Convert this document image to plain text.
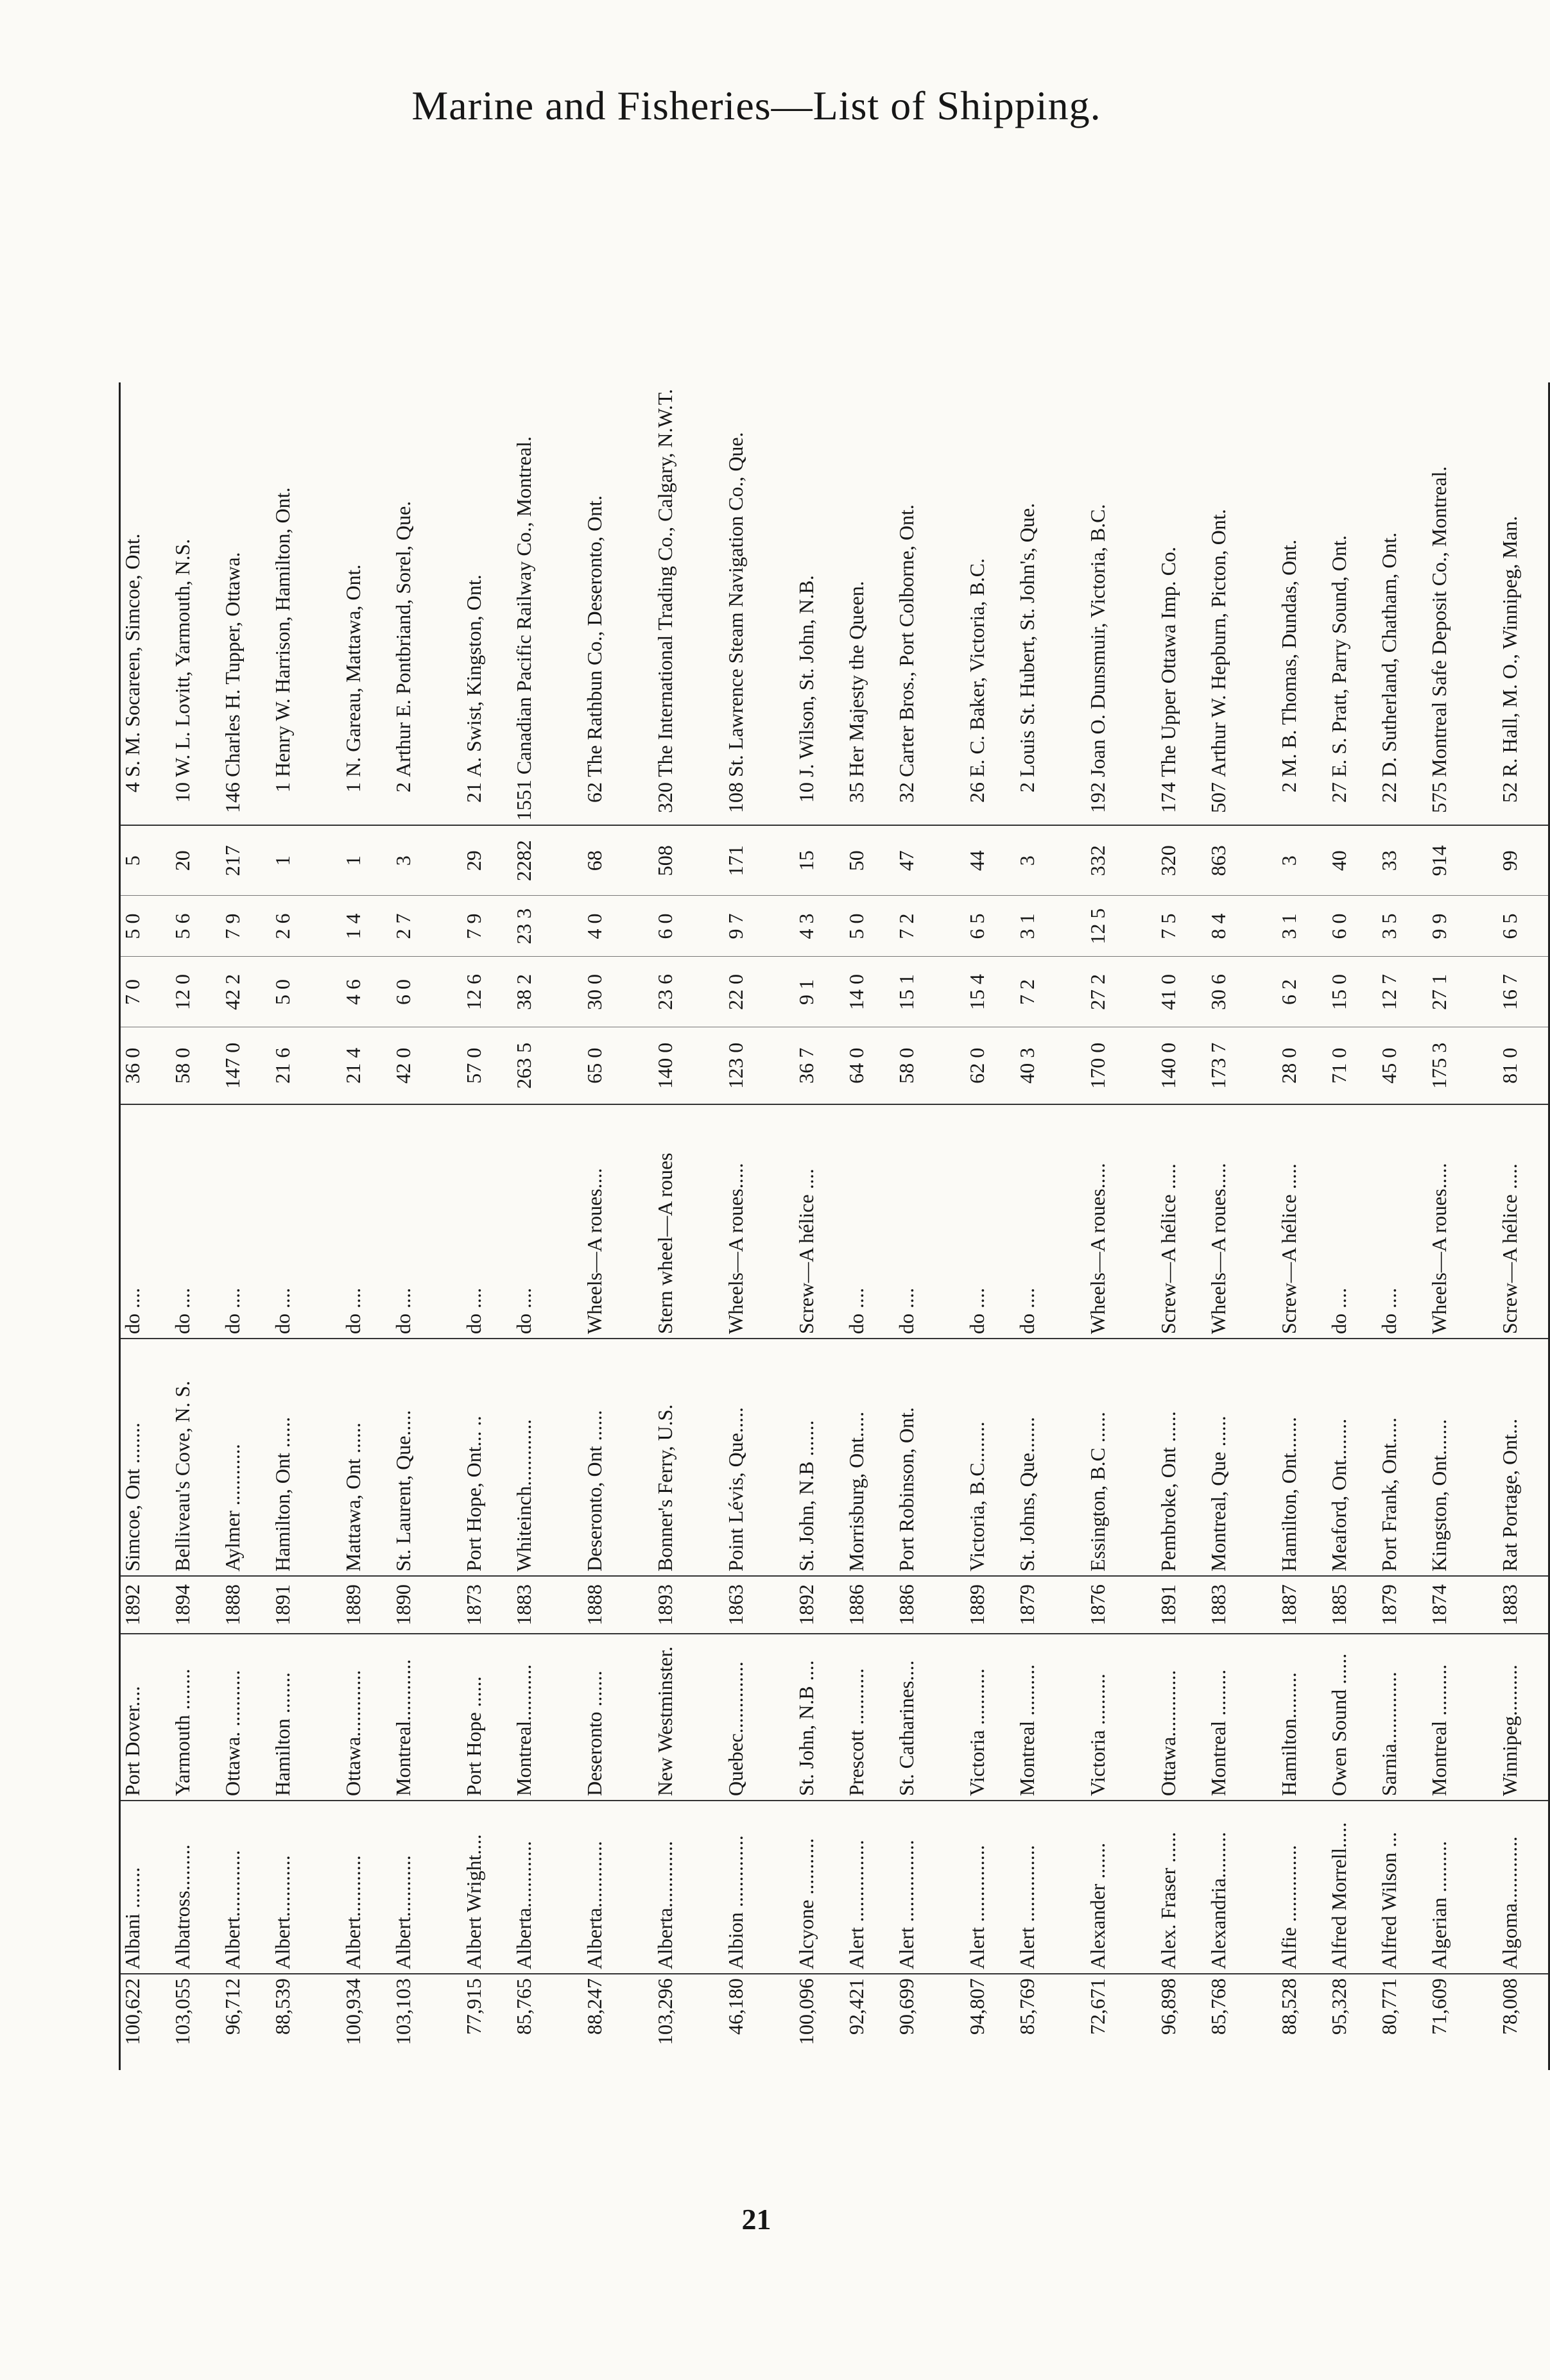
Marine and Fisheries—List of Shipping.
100,622	Albani ........	Port Dover....	1892	Simcoe, Ont ........	do ....	36 0	7 0	5 0	5	4S. M. Socareen, Simcoe, Ont.
103,055	Albatross.........	Yarmouth ........	1894	Belliveau's Cove, N. S.	do ....	58 0	12 0	5 6	20	10W. L. Lovitt, Yarmouth, N.S.
96,712	Albert.............	Ottawa. ...........	1888	Aylmer ............	do ....	147 0	42 2	7 9	217	146Charles H. Tupper, Ottawa.
88,539	Albert............	Hamilton ........	1891	Hamilton, Ont ......	do ....	21 6	5 0	2 6	1	1Henry W. Harrison, Hamilton, Ont.
100,934	Albert............	Ottawa.............	1889	Mattawa, Ont ......	do ....	21 4	4 6	1 4	1	1N. Gareau, Mattawa, Ont.
103,103	Albert............	Montreal............	1890	St. Laurent, Que.....	do ....	42 0	6 0	2 7	3	2Arthur E. Pontbriand, Sorel, Que.
77,915	Albert Wright....	Port Hope ......	1873	Port Hope, Ont... ..	do ....	57 0	12 6	7 9	29	21A. Swist, Kingston, Ont.
85,765	Alberta.............	Montreal...........	1883	Whiteinch.............	do ....	263 5	38 2	23 3	2282	1551Canadian Pacific Railway Co., Montreal.
88,247	Alberta.............	Deseronto .......	1888	Deseronto, Ont ......	Wheels—A roues....	65 0	30 0	4 0	68	62The Rathbun Co., Deseronto, Ont.
103,296	Alberta.............	New Westminster.	1893	Bonner's Ferry, U.S.	Stern wheel—A roues	140 0	23 6	6 0	508	320The International Trading Co., Calgary, N.W.T.
46,180	Albion ..............	Quebec..............	1863	Point Lévis, Que.....	Wheels—A roues.....	123 0	22 0	9 7	171	108St. Lawrence Steam Navigation Co., Que.
100,096	Alcyone ...........	St. John, N.B ....	1892	St. John, N.B .......	Screw—A hélice ....	36 7	9 1	4 3	15	10J. Wilson, St. John, N.B.
92,421	Alert ................	Prescott ...........	1886	Morrisburg, Ont.....	do ....	64 0	14 0	5 0	50	35Her Majesty the Queen.
90,699	Alert ................	St. Catharines....	1886	Port Robinson, Ont.	do ....	58 0	15 1	7 2	47	32Carter Bros., Port Colborne, Ont.
94,807	Alert ...............	Victoria ...........	1889	Victoria, B.C........	do ....	62 0	15 4	6 5	44	26E. C. Baker, Victoria, B.C.
85,769	Alert ...............	Montreal ..........	1879	St. Johns, Que.......	do ....	40 3	7 2	3 1	3	2Louis St. Hubert, St. John's, Que.
72,671	Alexander .......	Victoria ..........	1876	Essington, B.C ......	Wheels—A roues.....	170 0	27 2	12 5	332	192Joan O. Dunsmuir, Victoria, B.C.
96,898	Alex. Fraser ......	Ottawa.............	1891	Pembroke, Ont ......	Screw—A hélice .....	140 0	41 0	7 5	320	174The Upper Ottawa Imp. Co.
85,768	Alexandria.........	Montreal .........	1883	Montreal, Que ......	Wheels—A roues.....	173 7	30 6	8 4	863	507Arthur W. Hepburn, Picton, Ont.
88,528	Alfie ...............	Hamilton.........	1887	Hamilton, Ont.......	Screw—A hélice .....	28 0	6 2	3 1	3	2M. B. Thomas, Dundas, Ont.
95,328	Alfred Morrell.....	Owen Sound ......	1885	Meaford, Ont........	do ....	71 0	15 0	6 0	40	27E. S. Pratt, Parry Sound, Ont.
80,771	Alfred Wilson ...	Sarnia..............	1879	Port Frank, Ont.....	do ....	45 0	12 7	3 5	33	22D. Sutherland, Chatham, Ont.
71,609	Algerian ..........	Montreal ..........	1874	Kingston, Ont.......	Wheels—A roues.....	175 3	27 1	9 9	914	575Montreal Safe Deposit Co., Montreal.
78,008	Algoma.............	Winnipeg..........	1883	Rat Portage, Ont...	Screw—A hélice .....	81 0	16 7	6 5	99	52R. Hall, M. O., Winnipeg, Man.
21
